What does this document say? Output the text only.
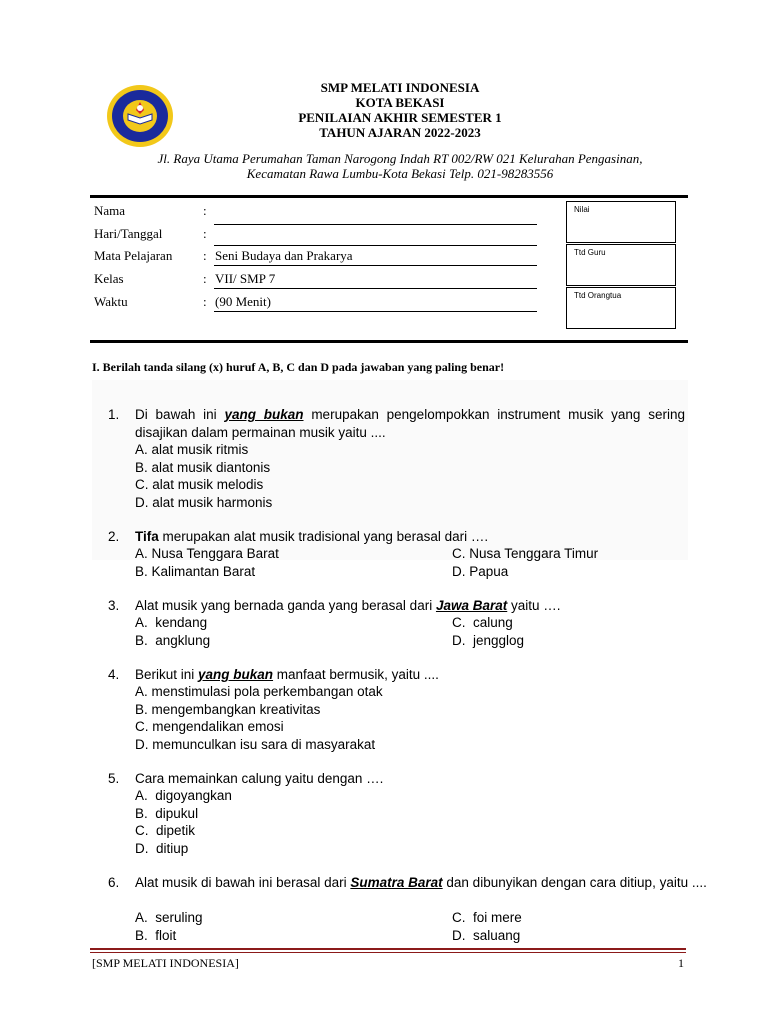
SMP MELATI INDONESIA
KOTA BEKASI
PENILAIAN AKHIR SEMESTER 1
TAHUN AJARAN 2022-2023
Jl. Raya Utama Perumahan Taman Narogong Indah RT 002/RW 021 Kelurahan Pengasinan,
Kecamatan Rawa Lumbu-Kota Bekasi Telp. 021-98283556
Nama	:
Hari/Tanggal	:
Mata Pelajaran : Seni Budaya dan Prakarya
Kelas	: VII/ SMP 7
Waktu	: (90 Menit)
Nilai
Ttd Guru
Ttd Orangtua
I. Berilah tanda silang (x) huruf A, B, C dan D pada jawaban yang paling benar!
1. Di bawah ini yang bukan merupakan pengelompokkan instrument musik yang sering disajikan dalam permainan musik yaitu ....
A. alat musik ritmis
B. alat musik diantonis
C. alat musik melodis
D. alat musik harmonis
2. Tifa merupakan alat musik tradisional yang berasal dari ….
A. Nusa Tenggara Barat	C. Nusa Tenggara Timur
B. Kalimantan Barat	D. Papua
3. Alat musik yang bernada ganda yang berasal dari Jawa Barat yaitu ….
A. kendang	C. calung
B. angklung	D. jengglog
4. Berikut ini yang bukan manfaat bermusik, yaitu ....
A. menstimulasi pola perkembangan otak
B. mengembangkan kreativitas
C. mengendalikan emosi
D. memunculkan isu sara di masyarakat
5. Cara memainkan calung yaitu dengan ….
A. digoyangkan
B. dipukul
C. dipetik
D. ditiup
6. Alat musik di bawah ini berasal dari Sumatra Barat dan dibunyikan dengan cara ditiup, yaitu ....
A. seruling	C. foi mere
B. floit	D. saluang
[SMP MELATI INDONESIA]	1
